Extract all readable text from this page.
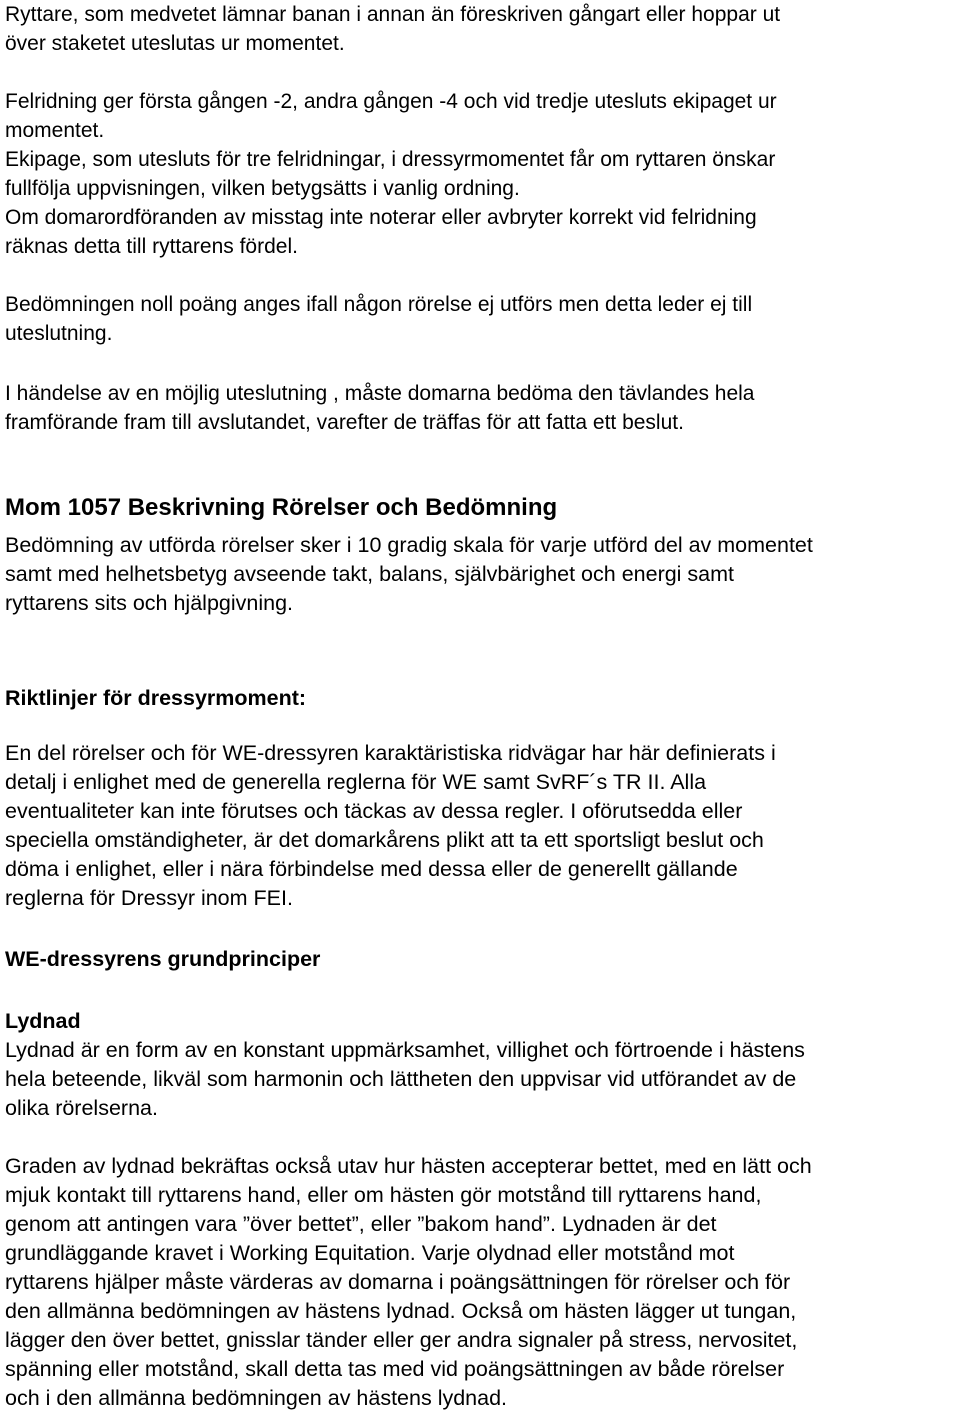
Ryttare, som medvetet lämnar banan i annan än föreskriven gångart eller hoppar ut
över staketet uteslutas ur momentet.
Felridning ger första gången -2, andra gången -4 och vid tredje utesluts ekipaget ur
momentet.
Ekipage, som utesluts för tre felridningar, i dressyrmomentet får om ryttaren önskar
fullfölja uppvisningen, vilken betygsätts i vanlig ordning.
Om domarordföranden av misstag inte noterar eller avbryter korrekt vid felridning
räknas detta till ryttarens fördel.
Bedömningen noll poäng anges ifall någon rörelse ej utförs men detta leder ej till
uteslutning.
I händelse av en möjlig uteslutning , måste domarna bedöma den tävlandes hela
framförande fram till avslutandet, varefter de träffas för att fatta ett beslut.
Mom 1057 Beskrivning Rörelser och Bedömning
Bedömning av utförda rörelser sker i 10 gradig skala för varje utförd del av momentet
samt med helhetsbetyg avseende takt, balans, självbärighet och energi samt
ryttarens sits och hjälpgivning.
Riktlinjer för dressyrmoment:
En del rörelser och för WE-dressyren karaktäristiska ridvägar har här definierats i
detalj i enlighet med de generella reglerna för WE samt SvRF´s TR II. Alla
eventualiteter kan inte förutses och täckas av dessa regler. I oförutsedda eller
speciella omständigheter, är det domarkårens plikt att ta ett sportsligt beslut och
döma i enlighet, eller i nära förbindelse med dessa eller de generellt gällande
reglerna för Dressyr inom FEI.
WE-dressyrens grundprinciper
Lydnad
Lydnad är en form av en konstant uppmärksamhet, villighet och förtroende i hästens
hela beteende, likväl som harmonin och lättheten den uppvisar vid utförandet av de
olika rörelserna.
Graden av lydnad bekräftas också utav hur hästen accepterar bettet, med en lätt och
mjuk kontakt till ryttarens hand, eller om hästen gör motstånd till ryttarens hand,
genom att antingen vara ”över bettet”, eller ”bakom hand”. Lydnaden är det
grundläggande kravet i Working Equitation. Varje olydnad eller motstånd mot
ryttarens hjälper måste värderas av domarna i poängsättningen för rörelser och för
den allmänna bedömningen av hästens lydnad. Också om hästen lägger ut tungan,
lägger den över bettet, gnisslar tänder eller ger andra signaler på stress, nervositet,
spänning eller motstånd, skall detta tas med vid poängsättningen av både rörelser
och i den allmänna bedömningen av hästens lydnad.
